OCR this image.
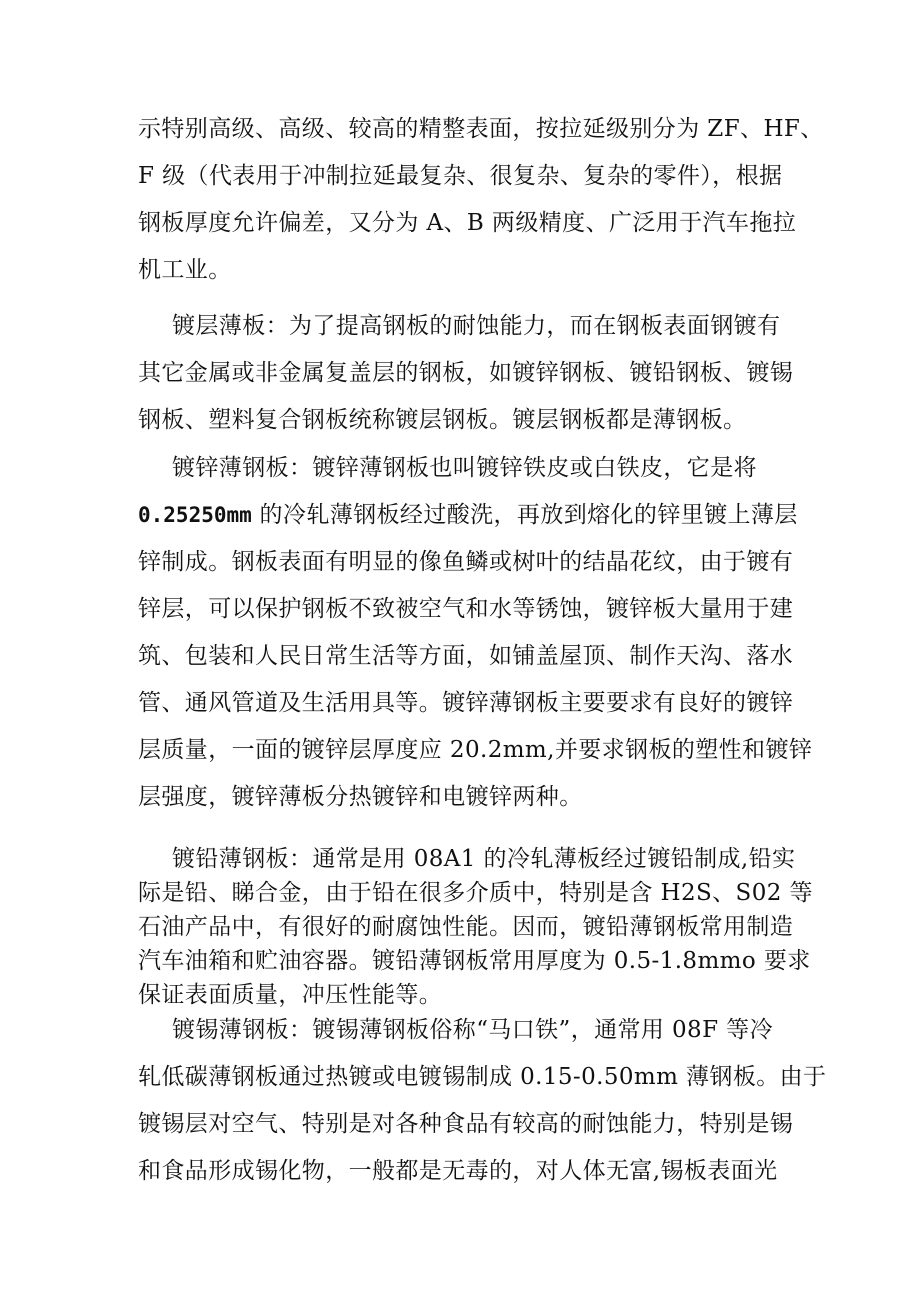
示特别高级、高级、较高的精整表面，按拉延级别分为 ZF、HF、
F 级（代表用于冲制拉延最复杂、很复杂、复杂的零件），根据
钢板厚度允许偏差，又分为 A、B 两级精度、广泛用于汽车拖拉
机工业。
镀层薄板：为了提高钢板的耐蚀能力，而在钢板表面钢镀有
其它金属或非金属复盖层的钢板，如镀锌钢板、镀铅钢板、镀锡
钢板、塑料复合钢板统称镀层钢板。镀层钢板都是薄钢板。
镀锌薄钢板：镀锌薄钢板也叫镀锌铁皮或白铁皮，它是将
0.25250mm 的冷轧薄钢板经过酸洗，再放到熔化的锌里镀上薄层
锌制成。钢板表面有明显的像鱼鳞或树叶的结晶花纹，由于镀有
锌层，可以保护钢板不致被空气和水等锈蚀，镀锌板大量用于建
筑、包装和人民日常生活等方面，如铺盖屋顶、制作天沟、落水
管、通风管道及生活用具等。镀锌薄钢板主要要求有良好的镀锌
层质量，一面的镀锌层厚度应 20.2mm,并要求钢板的塑性和镀锌
层强度，镀锌薄板分热镀锌和电镀锌两种。
镀铅薄钢板：通常是用 08A1 的冷轧薄板经过镀铅制成,铅实
际是铅、睇合金，由于铅在很多介质中，特别是含 H2S、S02 等
石油产品中，有很好的耐腐蚀性能。因而，镀铅薄钢板常用制造
汽车油箱和贮油容器。镀铅薄钢板常用厚度为 0.5-1.8mmo 要求
保证表面质量，冲压性能等。
镀锡薄钢板：镀锡薄钢板俗称“马口铁”，通常用 08F 等冷
轧低碳薄钢板通过热镀或电镀锡制成 0.15-0.50mm 薄钢板。由于
镀锡层对空气、特别是对各种食品有较高的耐蚀能力，特别是锡
和食品形成锡化物，一般都是无毒的，对人体无富,锡板表面光
